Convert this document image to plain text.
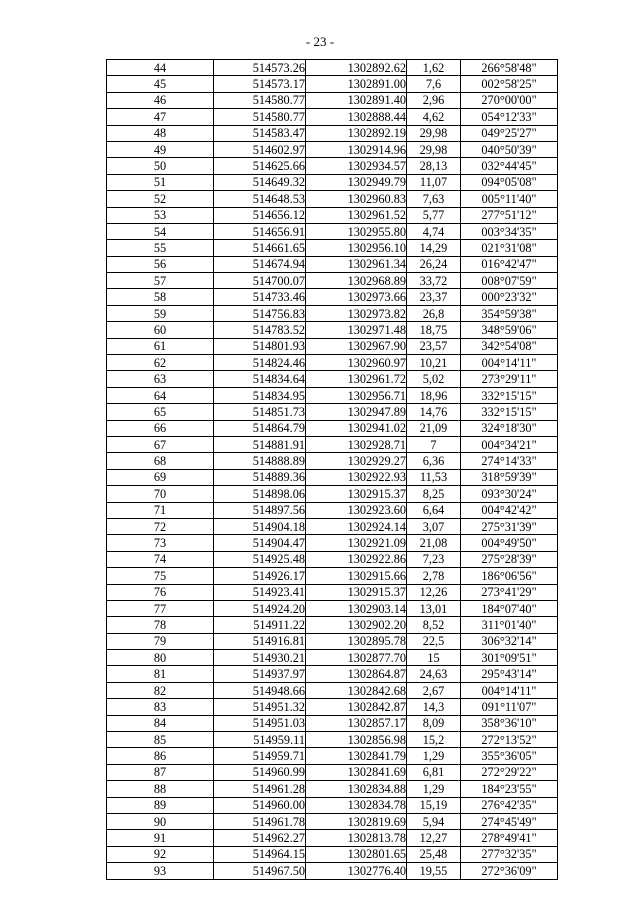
- 23 -
44	514573.26	1302892.62	1,62	266°58'48"
45	514573.17	1302891.00	7,6	002°58'25"
46	514580.77	1302891.40	2,96	270°00'00"
47	514580.77	1302888.44	4,62	054°12'33"
48	514583.47	1302892.19	29,98	049°25'27"
49	514602.97	1302914.96	29,98	040°50'39"
50	514625.66	1302934.57	28,13	032°44'45"
51	514649.32	1302949.79	11,07	094°05'08"
52	514648.53	1302960.83	7,63	005°11'40"
53	514656.12	1302961.52	5,77	277°51'12"
54	514656.91	1302955.80	4,74	003°34'35"
55	514661.65	1302956.10	14,29	021°31'08"
56	514674.94	1302961.34	26,24	016°42'47"
57	514700.07	1302968.89	33,72	008°07'59"
58	514733.46	1302973.66	23,37	000°23'32"
59	514756.83	1302973.82	26,8	354°59'38"
60	514783.52	1302971.48	18,75	348°59'06"
61	514801.93	1302967.90	23,57	342°54'08"
62	514824.46	1302960.97	10,21	004°14'11"
63	514834.64	1302961.72	5,02	273°29'11"
64	514834.95	1302956.71	18,96	332°15'15"
65	514851.73	1302947.89	14,76	332°15'15"
66	514864.79	1302941.02	21,09	324°18'30"
67	514881.91	1302928.71	7	004°34'21"
68	514888.89	1302929.27	6,36	274°14'33"
69	514889.36	1302922.93	11,53	318°59'39"
70	514898.06	1302915.37	8,25	093°30'24"
71	514897.56	1302923.60	6,64	004°42'42"
72	514904.18	1302924.14	3,07	275°31'39"
73	514904.47	1302921.09	21,08	004°49'50"
74	514925.48	1302922.86	7,23	275°28'39"
75	514926.17	1302915.66	2,78	186°06'56"
76	514923.41	1302915.37	12,26	273°41'29"
77	514924.20	1302903.14	13,01	184°07'40"
78	514911.22	1302902.20	8,52	311°01'40"
79	514916.81	1302895.78	22,5	306°32'14"
80	514930.21	1302877.70	15	301°09'51"
81	514937.97	1302864.87	24,63	295°43'14"
82	514948.66	1302842.68	2,67	004°14'11"
83	514951.32	1302842.87	14,3	091°11'07"
84	514951.03	1302857.17	8,09	358°36'10"
85	514959.11	1302856.98	15,2	272°13'52"
86	514959.71	1302841.79	1,29	355°36'05"
87	514960.99	1302841.69	6,81	272°29'22"
88	514961.28	1302834.88	1,29	184°23'55"
89	514960.00	1302834.78	15,19	276°42'35"
90	514961.78	1302819.69	5,94	274°45'49"
91	514962.27	1302813.78	12,27	278°49'41"
92	514964.15	1302801.65	25,48	277°32'35"
93	514967.50	1302776.40	19,55	272°36'09"
